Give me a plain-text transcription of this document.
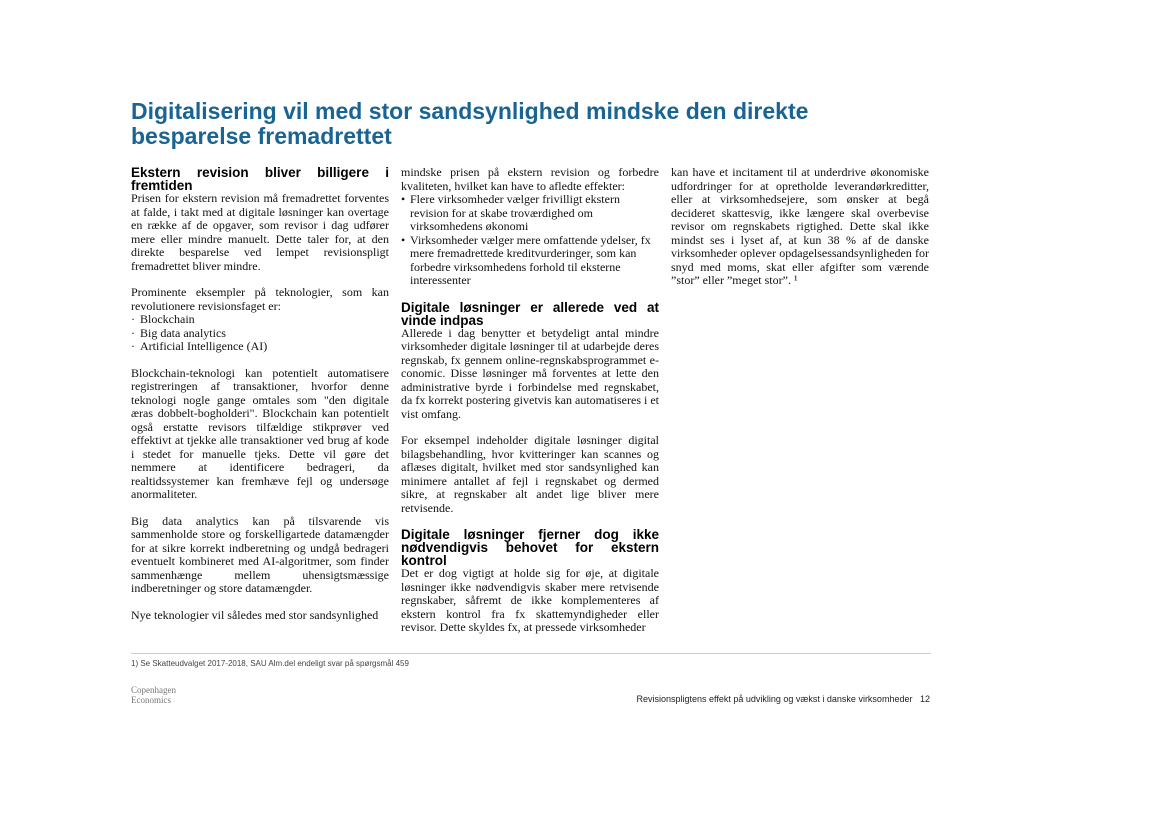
Digitalisering vil med stor sandsynlighed mindske den direkte besparelse fremadrettet
Ekstern revision bliver billigere i fremtiden

Prisen for ekstern revision må fremadrettet forventes at falde, i takt med at digitale løsninger kan overtage en række af de opgaver, som revisor i dag udfører mere eller mindre manuelt. Dette taler for, at den direkte besparelse ved lempet revisionspligt fremadrettet bliver mindre.

Prominente eksempler på teknologier, som kan revolutionere revisionsfaget er:

· Blockchain
· Big data analytics
· Artificial Intelligence (AI)

Blockchain-teknologi kan potentielt automatisere registreringen af transaktioner, hvorfor denne teknologi nogle gange omtales som "den digitale æras dobbelt-bogholderi". Blockchain kan potentielt også erstatte revisors tilfældige stikprøver ved effektivt at tjekke alle transaktioner ved brug af kode i stedet for manuelle tjeks. Dette vil gøre det nemmere at identificere bedrageri, da realtidssystemer kan fremhæve fejl og undersøge anormaliteter.

Big data analytics kan på tilsvarende vis sammenholde store og forskelligartede datamængder for at sikre korrekt indberetning og undgå bedrageri eventuelt kombineret med AI-algoritmer, som finder sammenhænge mellem uhensigtsmæssige indberetninger og store datamængder.

Nye teknologier vil således med stor sandsynlighed

mindske prisen på ekstern revision og forbedre kvaliteten, hvilket kan have to afledte effekter:

• Flere virksomheder vælger frivilligt ekstern revision for at skabe troværdighed om virksomhedens økonomi
• Virksomheder vælger mere omfattende ydelser, fx mere fremadrettede kreditvurderinger, som kan forbedre virksomhedens forhold til eksterne interessenter
Digitale løsninger er allerede ved at vinde indpas

Allerede i dag benytter et betydeligt antal mindre virksomheder digitale løsninger til at udarbejde deres regnskab, fx gennem online-regnskabsprogrammet e-conomic. Disse løsninger må forventes at lette den administrative byrde i forbindelse med regnskabet, da fx korrekt postering givetvis kan automatiseres i et vist omfang.

For eksempel indeholder digitale løsninger digital bilagsbehandling, hvor kvitteringer kan scannes og aflæses digitalt, hvilket med stor sandsynlighed kan minimere antallet af fejl i regnskabet og dermed sikre, at regnskaber alt andet lige bliver mere retvisende.

Digitale løsninger fjerner dog ikke nødvendigvis behovet for ekstern kontrol

Det er dog vigtigt at holde sig for øje, at digitale løsninger ikke nødvendigvis skaber mere retvisende regnskaber, såfremt de ikke komplementeres af ekstern kontrol fra fx skattemyndigheder eller revisor. Dette skyldes fx, at pressede virksomheder

kan have et incitament til at underdrive økonomiske udfordringer for at opretholde leverandørkreditter, eller at virksomhedsejere, som ønsker at begå decideret skattesvig, ikke længere skal overbevise revisor om regnskabets rigtighed. Dette skal ikke mindst ses i lyset af, at kun 38 % af de danske virksomheder oplever opdagelsessandsynligheden for snyd med moms, skat eller afgifter som værende ”stor” eller ”meget stor”. ¹

1) Se Skatteudvalget 2017-2018, SAU Alm.del endeligt svar på spørgsmål 459
Copenhagen
Economics	Revisionspligtens effekt på udvikling og vækst i danske virksomheder 12
